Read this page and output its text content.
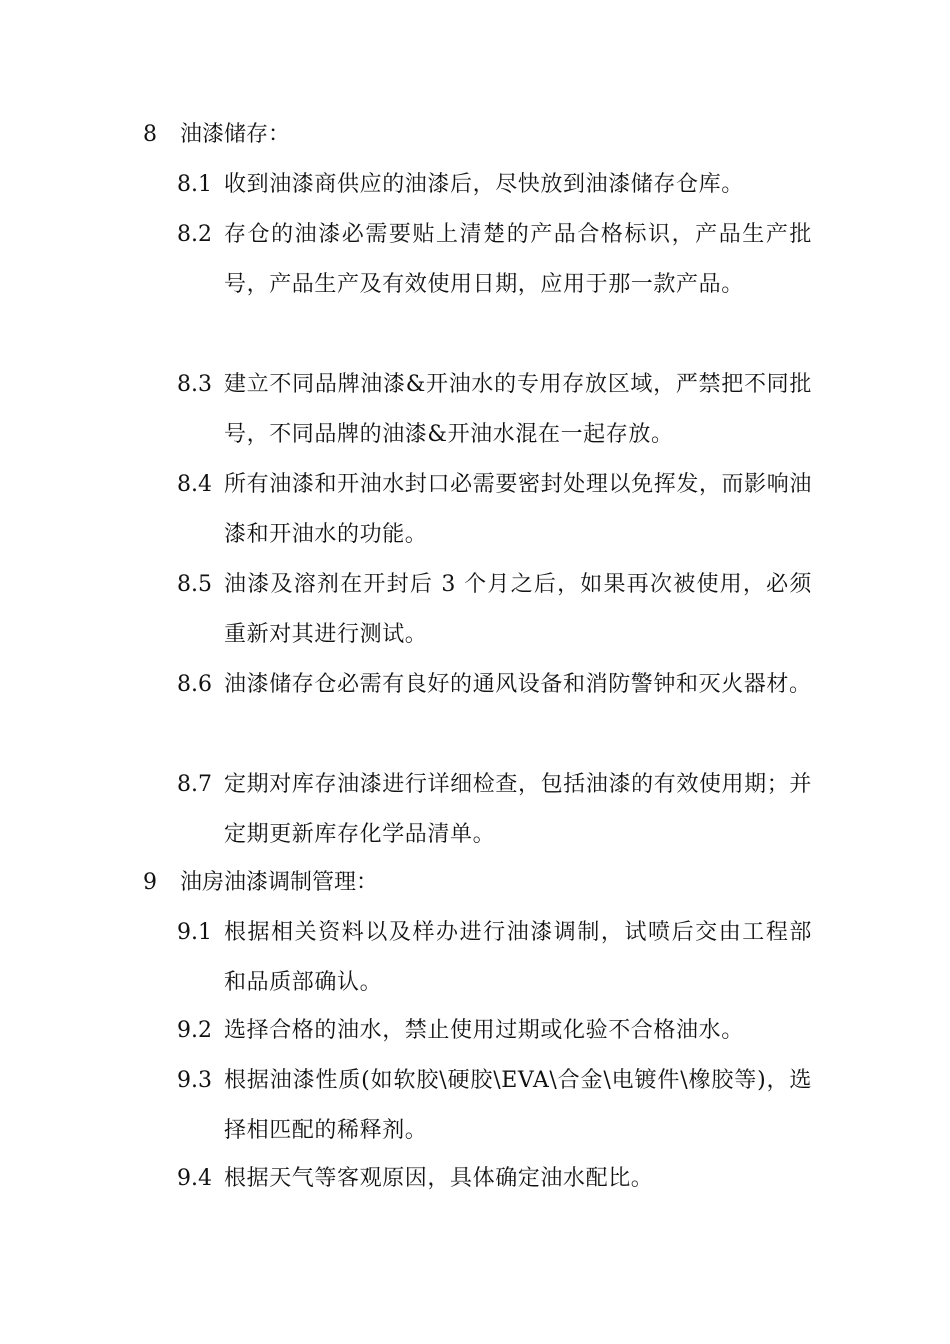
8 油漆储存：
8.1 收到油漆商供应的油漆后，尽快放到油漆储存仓库。
8.2 存仓的油漆必需要贴上清楚的产品合格标识，产品生产批号，产品生产及有效使用日期，应用于那一款产品。
8.3 建立不同品牌油漆&开油水的专用存放区域，严禁把不同批号，不同品牌的油漆&开油水混在一起存放。
8.4 所有油漆和开油水封口必需要密封处理以免挥发，而影响油漆和开油水的功能。
8.5 油漆及溶剂在开封后 3 个月之后，如果再次被使用，必须重新对其进行测试。
8.6 油漆储存仓必需有良好的通风设备和消防警钟和灭火器材。
8.7 定期对库存油漆进行详细检查，包括油漆的有效使用期；并定期更新库存化学品清单。
9 油房油漆调制管理：
9.1 根据相关资料以及样办进行油漆调制，试喷后交由工程部 和品质部确认。
9.2 选择合格的油水，禁止使用过期或化验不合格油水。
9.3 根据油漆性质(如软胶\硬胶\EVA\合金\电镀件\橡胶等)，选择相匹配的稀释剂。
9.4 根据天气等客观原因，具体确定油水配比。
